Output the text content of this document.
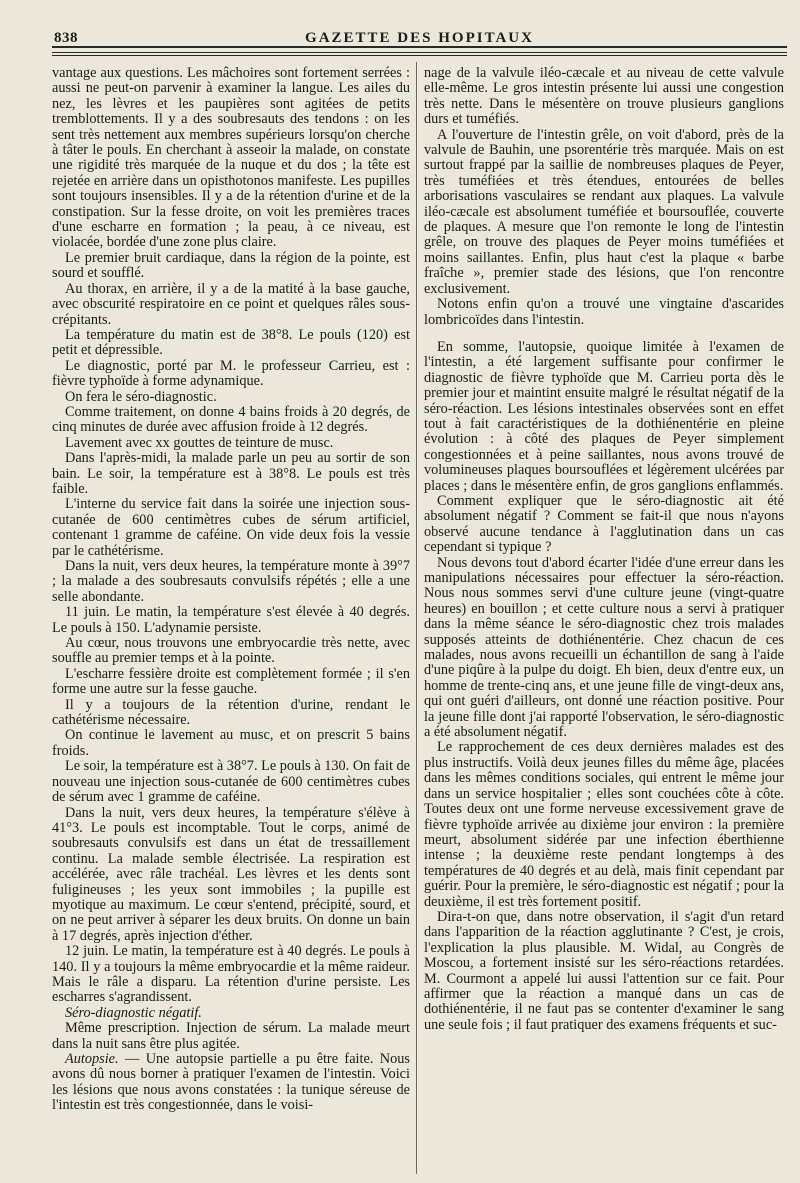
838	GAZETTE DES HOPITAUX

vantage aux questions. Les mâchoires sont fortement serrées : aussi ne peut-on parvenir à examiner la langue. Les ailes du nez, les lèvres et les paupières sont agitées de petits tremblottements. Il y a des soubresauts des tendons : on les sent très nettement aux membres supérieurs lorsqu'on cherche à tâter le pouls. En cherchant à asseoir la malade, on constate une rigidité très marquée de la nuque et du dos ; la tête est rejetée en arrière dans un opisthotonos manifeste. Les pupilles sont toujours insensibles. Il y a de la rétention d'urine et de la constipation. Sur la fesse droite, on voit les premières traces d'une escharre en formation ; la peau, à ce niveau, est violacée, bordée d'une zone plus claire.

Le premier bruit cardiaque, dans la région de la pointe, est sourd et soufflé.

Au thorax, en arrière, il y a de la matité à la base gauche, avec obscurité respiratoire en ce point et quelques râles sous-crépitants.

La température du matin est de 38°8. Le pouls (120) est petit et dépressible.

Le diagnostic, porté par M. le professeur Carrieu, est : fièvre typhoïde à forme adynamique.

On fera le séro-diagnostic.

Comme traitement, on donne 4 bains froids à 20 degrés, de cinq minutes de durée avec affusion froide à 12 degrés.

Lavement avec xx gouttes de teinture de musc.

Dans l'après-midi, la malade parle un peu au sortir de son bain. Le soir, la température est à 38°8. Le pouls est très faible.

L'interne du service fait dans la soirée une injection sous-cutanée de 600 centimètres cubes de sérum artificiel, contenant 1 gramme de caféine. On vide deux fois la vessie par le cathétérisme.

Dans la nuit, vers deux heures, la température monte à 39°7 ; la malade a des soubresauts convulsifs répétés ; elle a une selle abondante.

11 juin. Le matin, la température s'est élevée à 40 degrés. Le pouls à 150. L'adynamie persiste.

Au cœur, nous trouvons une embryocardie très nette, avec souffle au premier temps et à la pointe.

L'escharre fessière droite est complètement formée ; il s'en forme une autre sur la fesse gauche.

Il y a toujours de la rétention d'urine, rendant le cathétérisme nécessaire.

On continue le lavement au musc, et on prescrit 5 bains froids.

Le soir, la température est à 38°7. Le pouls à 130. On fait de nouveau une injection sous-cutanée de 600 centimètres cubes de sérum avec 1 gramme de caféine.

Dans la nuit, vers deux heures, la température s'élève à 41°3. Le pouls est incomptable. Tout le corps, animé de soubresauts convulsifs est dans un état de tressaillement continu. La malade semble électrisée. La respiration est accélérée, avec râle trachéal. Les lèvres et les dents sont fuligineuses ; les yeux sont immobiles ; la pupille est myotique au maximum. Le cœur s'entend, précipité, sourd, et on ne peut arriver à séparer les deux bruits. On donne un bain à 17 degrés, après injection d'éther.

12 juin. Le matin, la température est à 40 degrés. Le pouls à 140. Il y a toujours la même embryocardie et la même raideur. Mais le râle a disparu. La rétention d'urine persiste. Les escharres s'agrandissent.

Séro-diagnostic négatif.

Même prescription. Injection de sérum. La malade meurt dans la nuit sans être plus agitée.

Autopsie. — Une autopsie partielle a pu être faite. Nous avons dû nous borner à pratiquer l'examen de l'intestin. Voici les lésions que nous avons constatées : la tunique séreuse de l'intestin est très congestionnée, dans le voisi-

nage de la valvule iléo-cæcale et au niveau de cette valvule elle-même. Le gros intestin présente lui aussi une congestion très nette. Dans le mésentère on trouve plusieurs ganglions durs et tuméfiés.

A l'ouverture de l'intestin grêle, on voit d'abord, près de la valvule de Bauhin, une psorentérie très marquée. Mais on est surtout frappé par la saillie de nombreuses plaques de Peyer, très tuméfiées et très étendues, entourées de belles arborisations vasculaires se rendant aux plaques. La valvule iléo-cæcale est absolument tuméfiée et boursouflée, couverte de plaques. A mesure que l'on remonte le long de l'intestin grêle, on trouve des plaques de Peyer moins tuméfiées et moins saillantes. Enfin, plus haut c'est la plaque « barbe fraîche », premier stade des lésions, que l'on rencontre exclusivement.

Notons enfin qu'on a trouvé une vingtaine d'ascarides lombricoïdes dans l'intestin.

En somme, l'autopsie, quoique limitée à l'examen de l'intestin, a été largement suffisante pour confirmer le diagnostic de fièvre typhoïde que M. Carrieu porta dès le premier jour et maintint ensuite malgré le résultat négatif de la séro-réaction. Les lésions intestinales observées sont en effet tout à fait caractéristiques de la dothiénentérie en pleine évolution : à côté des plaques de Peyer simplement congestionnées et à peine saillantes, nous avons trouvé de volumineuses plaques boursouflées et légèrement ulcérées par places ; dans le mésentère enfin, de gros ganglions enflammés.

Comment expliquer que le séro-diagnostic ait été absolument négatif ? Comment se fait-il que nous n'ayons observé aucune tendance à l'agglutination dans un cas cependant si typique ?

Nous devons tout d'abord écarter l'idée d'une erreur dans les manipulations nécessaires pour effectuer la séro-réaction. Nous nous sommes servi d'une culture jeune (vingt-quatre heures) en bouillon ; et cette culture nous a servi à pratiquer dans la même séance le séro-diagnostic chez trois malades supposés atteints de dothiénentérie. Chez chacun de ces malades, nous avons recueilli un échantillon de sang à l'aide d'une piqûre à la pulpe du doigt. Eh bien, deux d'entre eux, un homme de trente-cinq ans, et une jeune fille de vingt-deux ans, qui ont guéri d'ailleurs, ont donné une réaction positive. Pour la jeune fille dont j'ai rapporté l'observation, le séro-diagnostic a été absolument négatif.

Le rapprochement de ces deux dernières malades est des plus instructifs. Voilà deux jeunes filles du même âge, placées dans les mêmes conditions sociales, qui entrent le même jour dans un service hospitalier ; elles sont couchées côte à côte. Toutes deux ont une forme nerveuse excessivement grave de fièvre typhoïde arrivée au dixième jour environ : la première meurt, absolument sidérée par une infection éberthienne intense ; la deuxième reste pendant longtemps à des températures de 40 degrés et au delà, mais finit cependant par guérir. Pour la première, le séro-diagnostic est négatif ; pour la deuxième, il est très fortement positif.

Dira-t-on que, dans notre observation, il s'agit d'un retard dans l'apparition de la réaction agglutinante ? C'est, je crois, l'explication la plus plausible. M. Widal, au Congrès de Moscou, a fortement insisté sur les séro-réactions retardées. M. Courmont a appelé lui aussi l'attention sur ce fait. Pour affirmer que la réaction a manqué dans un cas de dothiénentérie, il ne faut pas se contenter d'examiner le sang une seule fois ; il faut pratiquer des examens fréquents et suc-
